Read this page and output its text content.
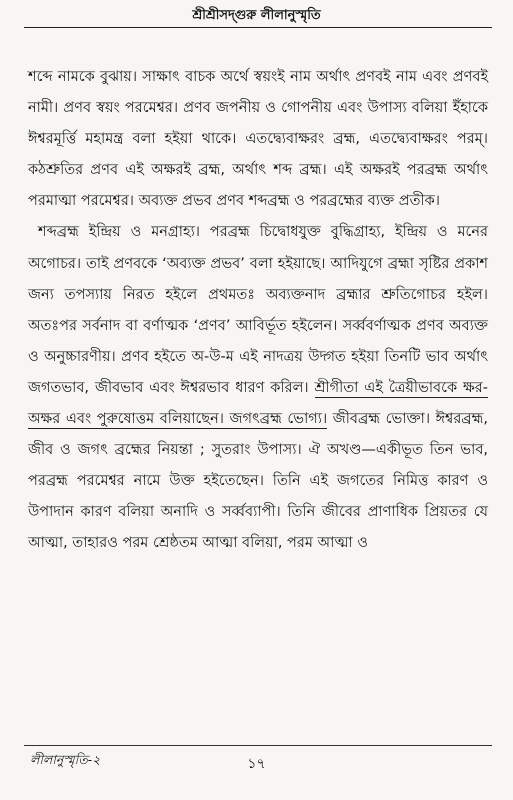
শ্রীশ্রীসদ্গুরু লীলানুস্মৃতি

শব্দে নামকে বুঝায়। সাক্ষাৎ বাচক অর্থে স্বয়ংই নাম অর্থাৎ প্রণবই নাম এবং প্রণবই নামী। প্রণব স্বয়ং পরমেশ্বর। প্রণব জপনীয় ও গোপনীয় এবং উপাস্য বলিয়া ইঁহাকে ঈশ্বরমূর্ত্তি মহামন্ত্র বলা হইয়া থাকে। এতদ্ব্যেবাক্ষরং ব্রহ্ম, এতদ্ব্যেবাক্ষরং পরম্। কঠশ্রুতির প্রণব এই অক্ষরই ব্রহ্ম, অর্থাৎ শব্দ ব্রহ্ম। এই অক্ষরই পরব্রহ্ম অর্থাৎ পরমাত্মা পরমেশ্বর। অব্যক্ত প্রভব প্রণব শব্দব্রহ্ম ও পরব্রহ্মের ব্যক্ত প্রতীক।

শব্দব্রহ্ম ইন্দ্রিয় ও মনগ্রাহ্য। পরব্রহ্ম চিদ্বোধযুক্ত বুদ্ধিগ্রাহ্য, ইন্দ্রিয় ও মনের অগোচর। তাই প্রণবকে ‘অব্যক্ত প্রভব’ বলা হইয়াছে। আদিযুগে ব্রহ্মা সৃষ্টির প্রকাশ জন্য তপস্যায় নিরত হইলে প্রথমতঃ অব্যক্তনাদ ব্রহ্মার শ্রুতিগোচর হইল। অতঃপর সর্বনাদ বা বর্ণাত্মক ‘প্রণব’ আবির্ভূত হইলেন। সর্ব্ববর্ণাত্মক প্রণব অব্যক্ত ও অনুচ্চারণীয়। প্রণব হইতে অ-উ-ম এই নাদত্রয় উদ্গত হইয়া তিনটি ভাব অর্থাৎ জগতভাব, জীবভাব এবং ঈশ্বরভাব ধারণ করিল। শ্রীগীতা এই ত্রৈয়ীভাবকে ক্ষর-অক্ষর এবং পুরুষোত্তম বলিয়াছেন। জগৎব্রহ্ম ভোগ্য। জীবব্রহ্ম ভোক্তা। ঈশ্বরব্রহ্ম, জীব ও জগৎ ব্রহ্মের নিয়ন্তা ; সুতরাং উপাস্য। ঐ অখণ্ড—একীভূত তিন ভাব, পরব্রহ্ম পরমেশ্বর নামে উক্ত হইতেছেন। তিনি এই জগতের নিমিত্ত কারণ ও উপাদান কারণ বলিয়া অনাদি ও সর্ব্বব্যাপী। তিনি জীবের প্রাণাধিক প্রিয়তর যে আত্মা, তাহারও পরম শ্রেষ্ঠতম আত্মা বলিয়া, পরম আত্মা ও

লীলানুস্মৃতি-২	১৭
